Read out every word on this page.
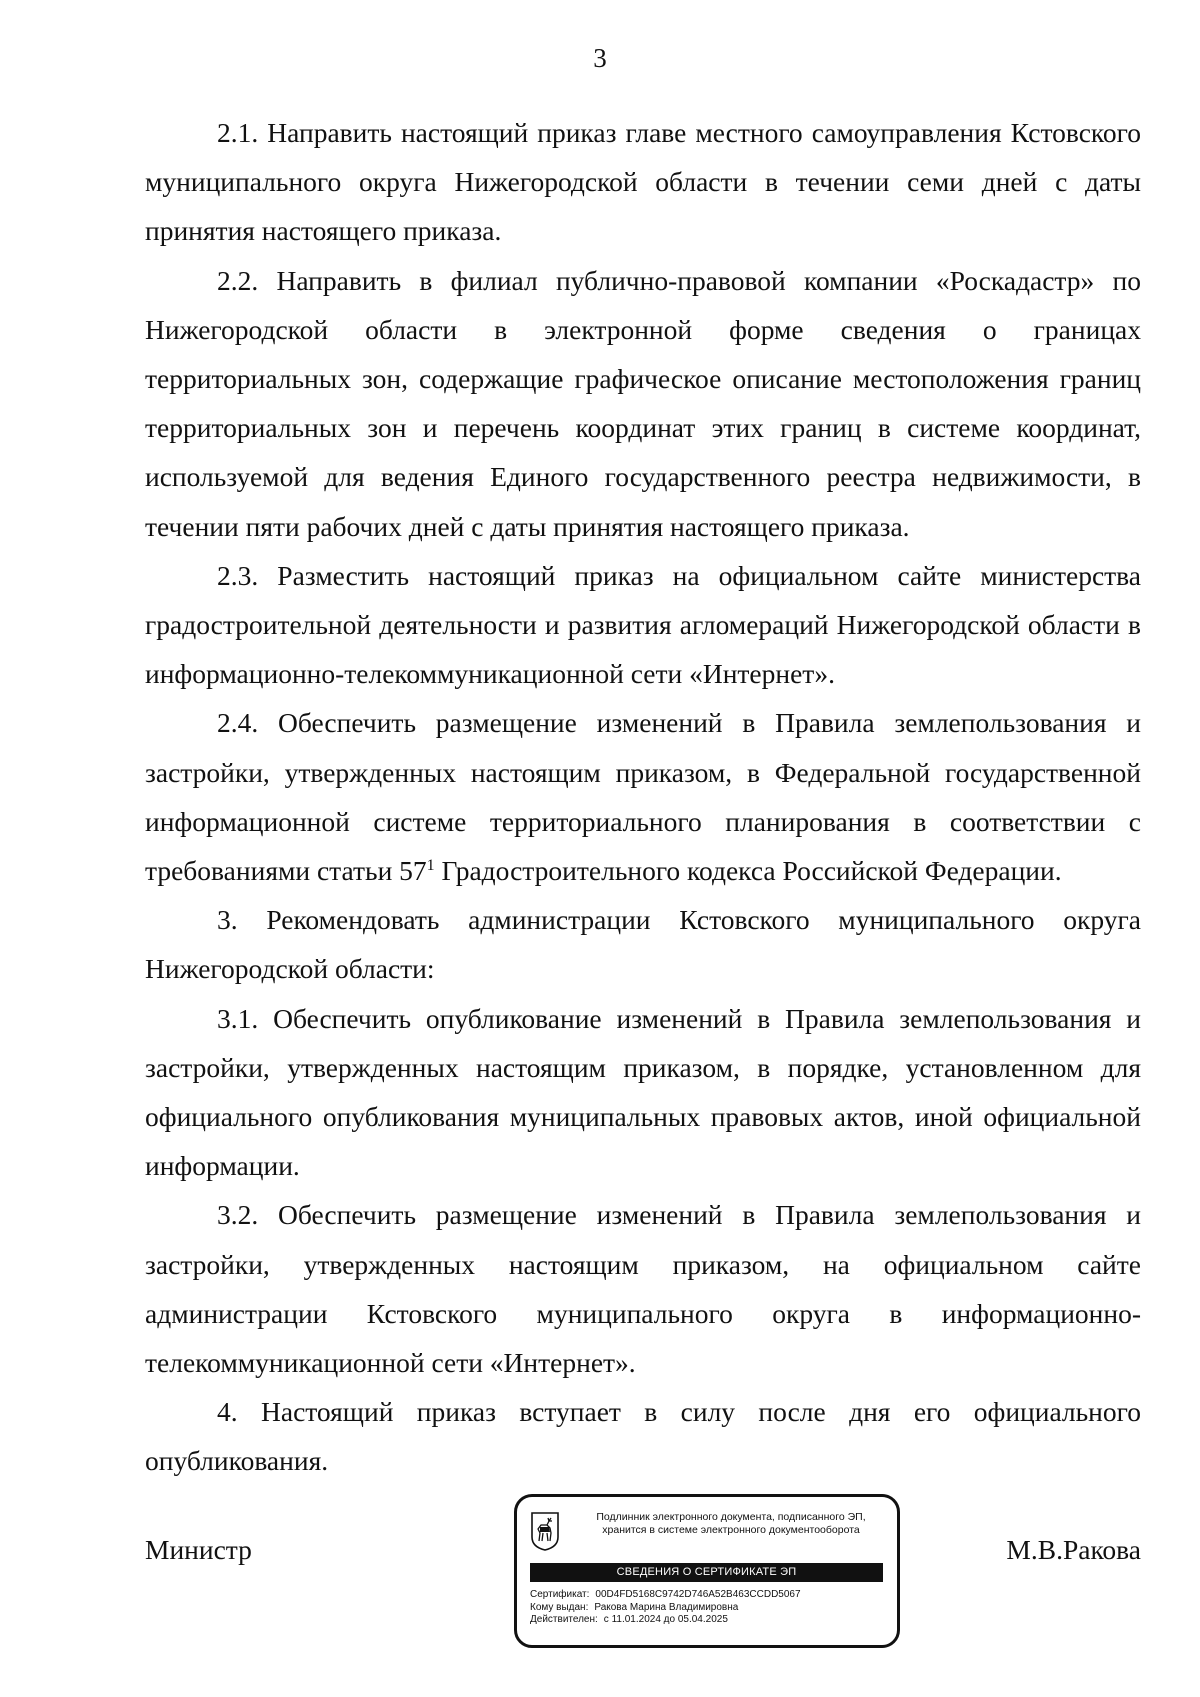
3

2.1. Направить настоящий приказ главе местного самоуправления Кстовского муниципального округа Нижегородской области в течении семи дней с даты принятия настоящего приказа.

2.2. Направить в филиал публично-правовой компании «Роскадастр» по Нижегородской области в электронной форме сведения о границах территориальных зон, содержащие графическое описание местоположения границ территориальных зон и перечень координат этих границ в системе координат, используемой для ведения Единого государственного реестра недвижимости, в течении пяти рабочих дней с даты принятия настоящего приказа.

2.3. Разместить настоящий приказ на официальном сайте министерства градостроительной деятельности и развития агломераций Нижегородской области в информационно-телекоммуникационной сети «Интернет».

2.4. Обеспечить размещение изменений в Правила землепользования и застройки, утвержденных настоящим приказом, в Федеральной государственной информационной системе территориального планирования в соответствии с требованиями статьи $57^1$ Градостроительного кодекса Российской Федерации.

3. Рекомендовать администрации Кстовского муниципального округа Нижегородской области:

3.1. Обеспечить опубликование изменений в Правила землепользования и застройки, утвержденных настоящим приказом, в порядке, установленном для официального опубликования муниципальных правовых актов, иной официальной информации.

3.2. Обеспечить размещение изменений в Правила землепользования и застройки, утвержденных настоящим приказом, на официальном сайте администрации Кстовского муниципального округа в информационно-телекоммуникационной сети «Интернет».

4. Настоящий приказ вступает в силу после дня его официального опубликования.

Министр	М.В.Ракова
Подлинник электронного документа, подписанного ЭП,
хранится в системе электронного документооборота
СВЕДЕНИЯ О СЕРТИФИКАТЕ ЭП
Сертификат: 00D4FD5168C9742D746A52B463CCDD5067
Кому выдан: Ракова Марина Владимировна
Действителен: с 11.01.2024 до 05.04.2025
